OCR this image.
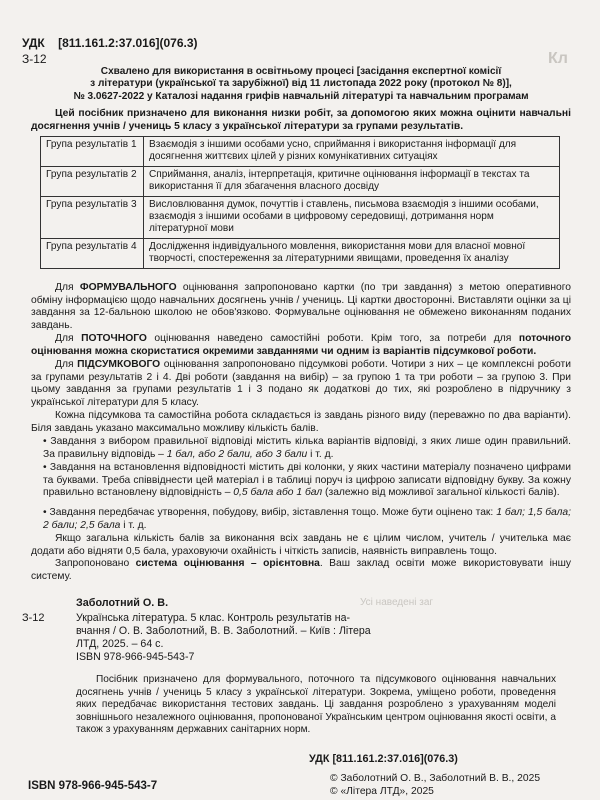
УДК [811.161.2:37.016](076.3)
З-12	Кл
Схвалено для використання в освітньому процесі [засідання експертної комісії
з літератури (української та зарубіжної) від 11 листопада 2022 року (протокол № 8)],
№ 3.0627-2022 у Каталозі надання грифів навчальній літературі та навчальним програмам

Цей посібник призначено для виконання низки робіт, за допомогою яких можна оцінити навчальні досягнення учнів / учениць 5 класу з української літератури за групами результатів.

Група результатів 1	Взаємодія з іншими особами усно, сприймання і використання інформації для досягнення життєвих цілей у різних комунікативних ситуаціях
Група результатів 2	Сприймання, аналіз, інтерпретація, критичне оцінювання інформації в текстах та використання її для збагачення власного досвіду
Група результатів 3	Висловлювання думок, почуттів і ставлень, письмова взаємодія з іншими особами, взаємодія з іншими особами в цифровому середовищі, дотримання норм літературної мови
Група результатів 4	Дослідження індивідуального мовлення, використання мови для власної мовної творчості, спостереження за літературними явищами, проведення їх аналізу

Для ФОРМУВАЛЬНОГО оцінювання запропоновано картки (по три завдання) з метою оперативного обміну інформацією щодо навчальних досягнень учнів / учениць. Ці картки двосторонні. Виставляти оцінки за ці завдання за 12-бальною школою не обов'язково. Формувальне оцінювання не обмежено виконанням поданих завдань.

Для ПОТОЧНОГО оцінювання наведено самостійні роботи. Крім того, за потреби для поточного оцінювання можна скористатися окремими завданнями чи одним із варіантів підсумкової роботи.

Для ПІДСУМКОВОГО оцінювання запропоновано підсумкові роботи. Чотири з них – це комплексні роботи за групами результатів 2 і 4. Дві роботи (завдання на вибір) – за групою 1 та три роботи – за групою 3. При цьому завдання за групами результатів 1 і 3 подано як додаткові до тих, які розроблено в підручнику з української літератури для 5 класу.

Кожна підсумкова та самостійна робота складається із завдань різного виду (переважно по два варіанти). Біля завдань указано максимально можливу кількість балів.

• Завдання з вибором правильної відповіді містить кілька варіантів відповіді, з яких лише один правильний. За правильну відповідь – 1 бал, або 2 бали, або 3 бали і т. д.

• Завдання на встановлення відповідності містить дві колонки, у яких частини матеріалу позначено цифрами та буквами. Треба співвіднести цей матеріал і в таблиці поруч із цифрою записати відповідну букву. За кожну правильно встановлену відповідність – 0,5 бала або 1 бал (залежно від можливої загальної кількості балів).

• Завдання передбачає утворення, побудову, вибір, зіставлення тощо. Може бути оцінено так: 1 бал; 1,5 бала; 2 бали; 2,5 бала і т. д.

Якщо загальна кількість балів за виконання всіх завдань не є цілим числом, учитель / учителька має додати або відняти 0,5 бала, ураховуючи охайність і чіткість записів, наявність виправлень тощо.

Запропоновано система оцінювання – орієнтовна. Ваш заклад освіти може використовувати іншу систему.

Заболотний О. В.	Усі наведені заг
З-12	Українська література. 5 клас. Контроль результатів на-
вчання / О. В. Заболотний, В. В. Заболотний. – Київ : Літера
ЛТД, 2025. – 64 с.
ISBN 978-966-945-543-7

Посібник призначено для формувального, поточного та підсумкового оцінювання навчальних досягнень учнів / учениць 5 класу з української літератури. Зокрема, уміщено роботи, проведення яких передбачає використання тестових завдань. Ці завдання розроблено з урахуванням моделі зовнішнього незалежного оцінювання, пропонованої Українським центром оцінювання якості освіти, а також з урахуванням державних санітарних норм.

УДК [811.161.2:37.016](076.3)
ISBN 978-966-945-543-7
© Заболотний О. В., Заболотний В. В., 2025
© «Літера ЛТД», 2025
